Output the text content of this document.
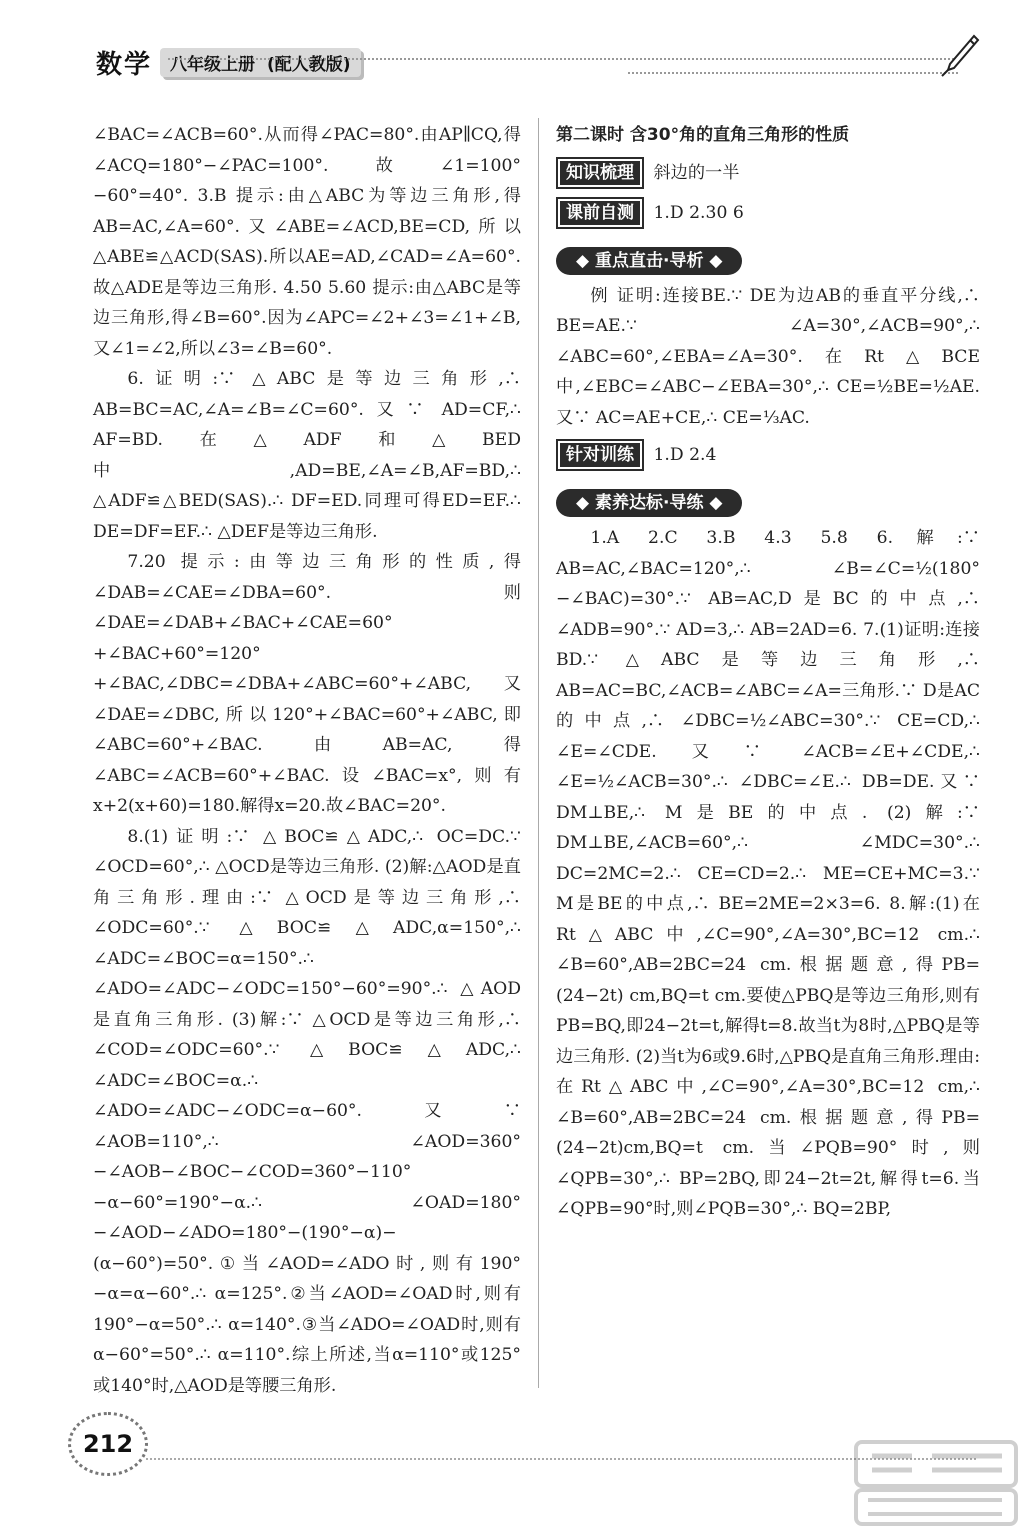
数学 八年级上册 (配人教版)

∠BAC=∠ACB=60°.从而得∠PAC=80°.由AP∥CQ,得∠ACQ=180°−∠PAC=100°.故∠1=100°−60°=40°. 3.B 提示:由△ABC为等边三角形,得AB=AC,∠A=60°.又∠ABE=∠ACD,BE=CD,所以△ABE≌△ACD(SAS).所以AE=AD,∠CAD=∠A=60°.故△ADE是等边三角形. 4.50 5.60 提示:由△ABC是等边三角形,得∠B=60°.因为∠APC=∠2+∠3=∠1+∠B,又∠1=∠2,所以∠3=∠B=60°.

6.证明:∵ △ABC是等边三角形,∴ AB=BC=AC,∠A=∠B=∠C=60°.又∵ AD=CF,∴ AF=BD.在△ADF和△BED中,AD=BE,∠A=∠B,AF=BD,∴ △ADF≌△BED(SAS).∴ DF=ED.同理可得ED=EF.∴ DE=DF=EF.∴ △DEF是等边三角形.

7.20 提示:由等边三角形的性质,得∠DAB=∠CAE=∠DBA=60°.则∠DAE=∠DAB+∠BAC+∠CAE=60°+∠BAC+60°=120°+∠BAC,∠DBC=∠DBA+∠ABC=60°+∠ABC,又∠DAE=∠DBC,所以120°+∠BAC=60°+∠ABC,即∠ABC=60°+∠BAC.由AB=AC,得∠ABC=∠ACB=60°+∠BAC.设∠BAC=x°,则有x+2(x+60)=180.解得x=20.故∠BAC=20°.

8.(1)证明:∵ △BOC≌△ADC,∴ OC=DC.∵ ∠OCD=60°,∴ △OCD是等边三角形. (2)解:△AOD是直角三角形.理由:∵ △OCD是等边三角形,∴ ∠ODC=60°.∵ △BOC≌△ADC,α=150°,∴ ∠ADC=∠BOC=α=150°.∴ ∠ADO=∠ADC−∠ODC=150°−60°=90°.∴ △AOD是直角三角形. (3)解:∵ △OCD是等边三角形,∴ ∠COD=∠ODC=60°.∵ △BOC≌△ADC,∴ ∠ADC=∠BOC=α.∴ ∠ADO=∠ADC−∠ODC=α−60°.又∵ ∠AOB=110°,∴ ∠AOD=360°−∠AOB−∠BOC−∠COD=360°−110°−α−60°=190°−α.∴ ∠OAD=180°−∠AOD−∠ADO=180°−(190°−α)−(α−60°)=50°.①当∠AOD=∠ADO时,则有190°−α=α−60°.∴ α=125°.②当∠AOD=∠OAD时,则有190°−α=50°.∴ α=140°.③当∠ADO=∠OAD时,则有α−60°=50°.∴ α=110°.综上所述,当α=110°或125°或140°时,△AOD是等腰三角形.

第二课时 含30°角的直角三角形的性质

知识梳理 斜边的一半
课前自测 1.D 2.30 6
◆ 重点直击·导析 ◆

例 证明:连接BE.∵ DE为边AB的垂直平分线,∴ BE=AE.∵ ∠A=30°,∠ACB=90°,∴ ∠ABC=60°,∠EBA=∠A=30°.在Rt△BCE中,∠EBC=∠ABC−∠EBA=30°,∴ CE=½BE=½AE.又∵ AC=AE+CE,∴ CE=⅓AC.

针对训练 1.D 2.4
◆ 素养达标·导练 ◆

1.A 2.C 3.B 4.3 5.8 6.解:∵ AB=AC,∠BAC=120°,∴ ∠B=∠C=½(180°−∠BAC)=30°.∵ AB=AC,D是BC的中点,∴ ∠ADB=90°.∵ AD=3,∴ AB=2AD=6. 7.(1)证明:连接BD.∵ △ABC是等边三角形,∴ AB=AC=BC,∠ACB=∠ABC=∠A=三角形.∵ D是AC的中点,∴ ∠DBC=½∠ABC=30°.∵ CE=CD,∴ ∠E=∠CDE.又∵ ∠ACB=∠E+∠CDE,∴ ∠E=½∠ACB=30°.∴ ∠DBC=∠E.∴ DB=DE.又∵ DM⊥BE,∴ M是BE的中点. (2)解:∵ DM⊥BE,∠ACB=60°,∴ ∠MDC=30°.∴ DC=2MC=2.∴ CE=CD=2.∴ ME=CE+MC=3.∵ M是BE的中点,∴ BE=2ME=2×3=6. 8.解:(1)在Rt△ABC中,∠C=90°,∠A=30°,BC=12 cm.∴ ∠B=60°,AB=2BC=24 cm.根据题意,得PB=(24−2t) cm,BQ=t cm.要使△PBQ是等边三角形,则有PB=BQ,即24−2t=t,解得t=8.故当t为8时,△PBQ是等边三角形. (2)当t为6或9.6时,△PBQ是直角三角形.理由:在Rt△ABC中,∠C=90°,∠A=30°,BC=12 cm,∴ ∠B=60°,AB=2BC=24 cm.根据题意,得PB=(24−2t)cm,BQ=t cm.当∠PQB=90°时,则∠QPB=30°,∴ BP=2BQ,即24−2t=2t,解得t=6.当∠QPB=90°时,则∠PQB=30°,∴ BQ=2BP,

212
